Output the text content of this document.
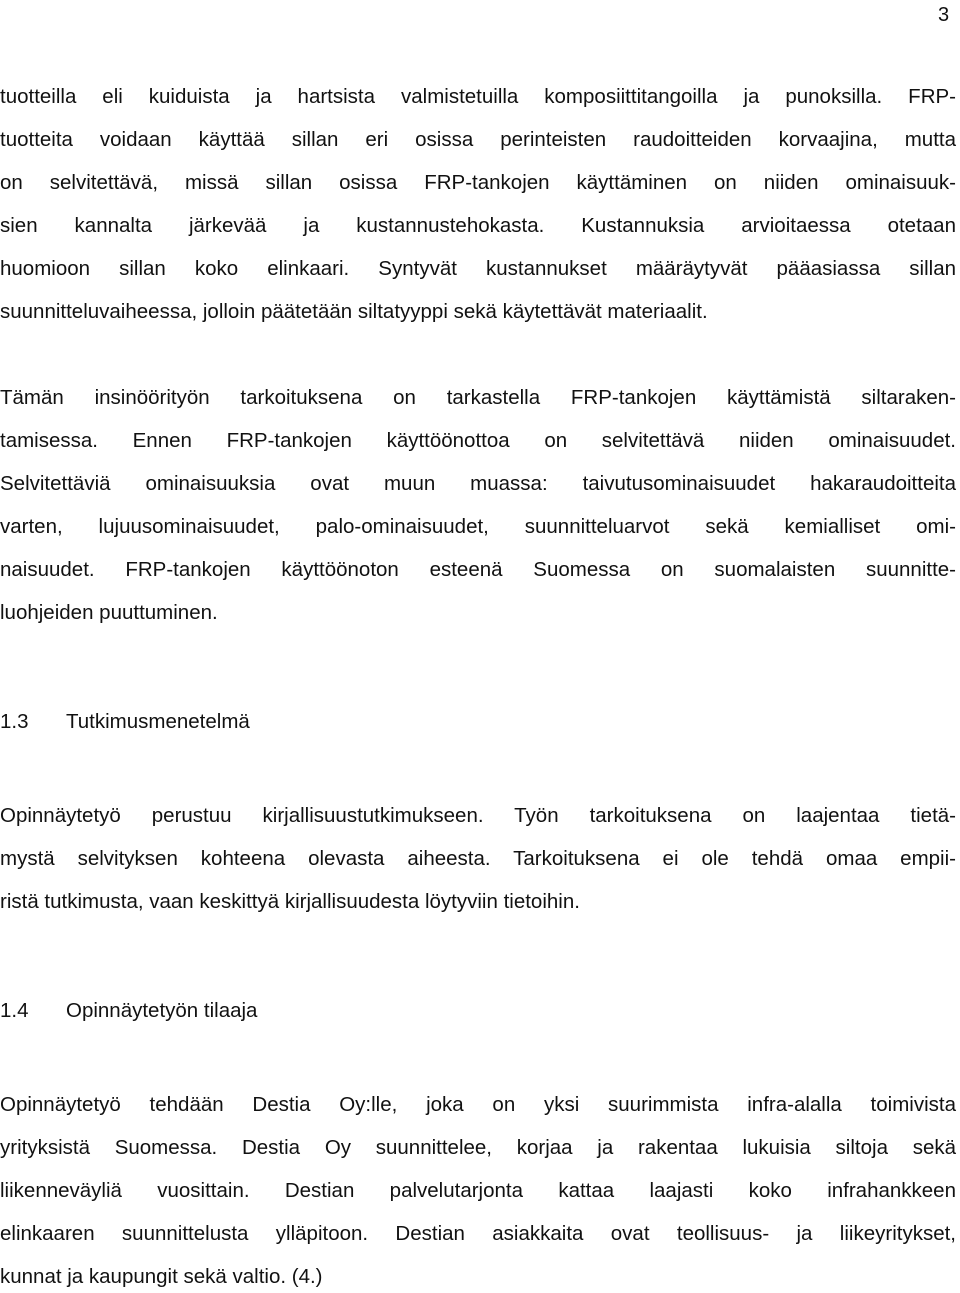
3
tuotteilla eli kuiduista ja hartsista valmistetuilla komposiittitangoilla ja punoksilla. FRP-
tuotteita voidaan käyttää sillan eri osissa perinteisten raudoitteiden korvaajina, mutta
on selvitettävä, missä sillan osissa FRP-tankojen käyttäminen on niiden ominaisuuk-
sien kannalta järkevää ja kustannustehokasta. Kustannuksia arvioitaessa otetaan
huomioon sillan koko elinkaari. Syntyvät kustannukset määräytyvät pääasiassa sillan
suunnitteluvaiheessa, jolloin päätetään siltatyyppi sekä käytettävät materiaalit.
Tämän insinöörityön tarkoituksena on tarkastella FRP-tankojen käyttämistä siltaraken-
tamisessa. Ennen FRP-tankojen käyttöönottoa on selvitettävä niiden ominaisuudet.
Selvitettäviä ominaisuuksia ovat muun muassa: taivutusominaisuudet hakaraudoitteita
varten, lujuusominaisuudet, palo-ominaisuudet, suunnitteluarvot sekä kemialliset omi-
naisuudet. FRP-tankojen käyttöönoton esteenä Suomessa on suomalaisten suunnitte-
luohjeiden puuttuminen.
1.3 Tutkimusmenetelmä
Opinnäytetyö perustuu kirjallisuustutkimukseen. Työn tarkoituksena on laajentaa tietä-
mystä selvityksen kohteena olevasta aiheesta. Tarkoituksena ei ole tehdä omaa empii-
ristä tutkimusta, vaan keskittyä kirjallisuudesta löytyviin tietoihin.
1.4 Opinnäytetyön tilaaja
Opinnäytetyö tehdään Destia Oy:lle, joka on yksi suurimmista infra-alalla toimivista
yrityksistä Suomessa. Destia Oy suunnittelee, korjaa ja rakentaa lukuisia siltoja sekä
liikenneväyliä vuosittain. Destian palvelutarjonta kattaa laajasti koko infrahankkeen
elinkaaren suunnittelusta ylläpitoon. Destian asiakkaita ovat teollisuus- ja liikeyritykset,
kunnat ja kaupungit sekä valtio. (4.)
